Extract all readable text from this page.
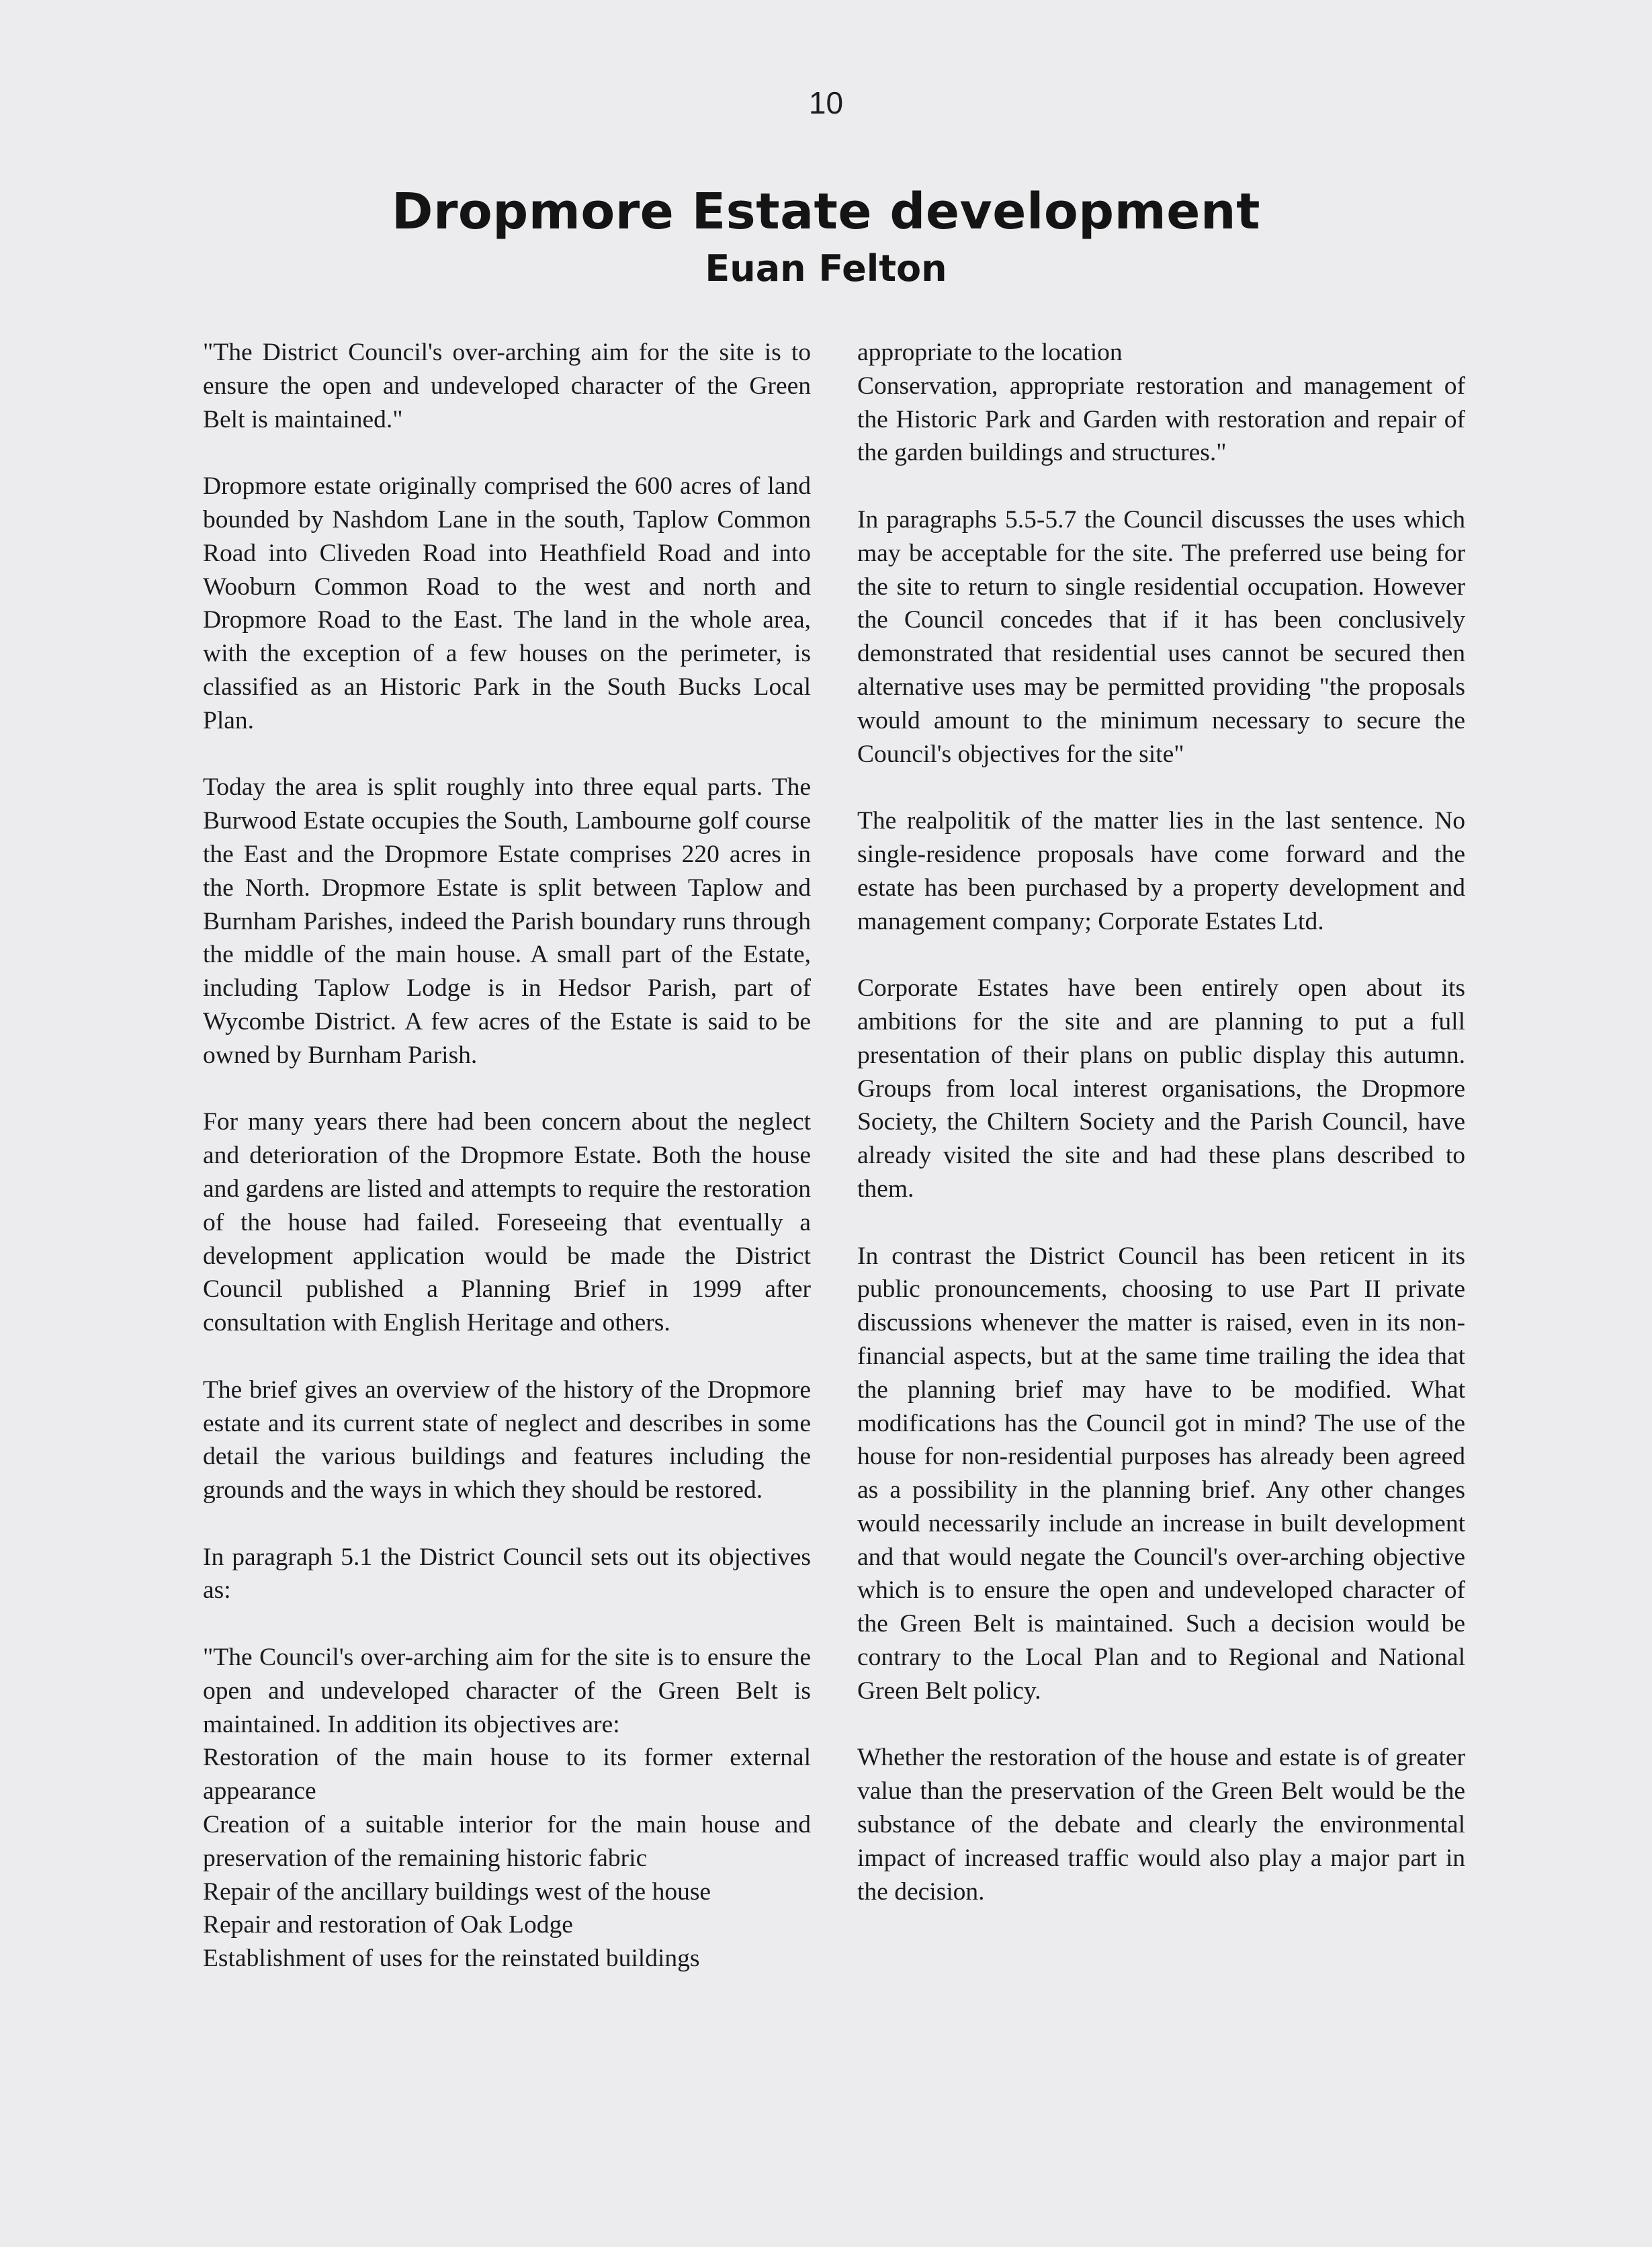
10
Dropmore Estate development
Euan Felton

"The District Council's over-arching aim for the site is to ensure the open and undeveloped character of the Green Belt is maintained."

Dropmore estate originally comprised the 600 acres of land bounded by Nashdom Lane in the south, Taplow Common Road into Cliveden Road into Heathfield Road and into Wooburn Common Road to the west and north and Dropmore Road to the East. The land in the whole area, with the exception of a few houses on the perimeter, is classified as an Historic Park in the South Bucks Local Plan.

Today the area is split roughly into three equal parts. The Burwood Estate occupies the South, Lambourne golf course the East and the Dropmore Estate comprises 220 acres in the North. Dropmore Estate is split between Taplow and Burnham Parishes, indeed the Parish boundary runs through the middle of the main house. A small part of the Estate, including Taplow Lodge is in Hedsor Parish, part of Wycombe District. A few acres of the Estate is said to be owned by Burnham Parish.

For many years there had been concern about the neglect and deterioration of the Dropmore Estate. Both the house and gardens are listed and attempts to require the restoration of the house had failed. Foreseeing that eventually a development application would be made the District Council published a Planning Brief in 1999 after consultation with English Heritage and others.

The brief gives an overview of the history of the Dropmore estate and its current state of neglect and describes in some detail the various buildings and features including the grounds and the ways in which they should be restored.

In paragraph 5.1 the District Council sets out its objectives as:

"The Council's over-arching aim for the site is to ensure the open and undeveloped character of the Green Belt is maintained. In addition its objectives are:

Restoration of the main house to its former external appearance

Creation of a suitable interior for the main house and preservation of the remaining historic fabric

Repair of the ancillary buildings west of the house

Repair and restoration of Oak Lodge

Establishment of uses for the reinstated buildings

appropriate to the location

Conservation, appropriate restoration and management of the Historic Park and Garden with restoration and repair of the garden buildings and structures."

In paragraphs 5.5-5.7 the Council discusses the uses which may be acceptable for the site. The preferred use being for the site to return to single residential occupation. However the Council concedes that if it has been conclusively demonstrated that residential uses cannot be secured then alternative uses may be permitted providing "the proposals would amount to the minimum necessary to secure the Council's objectives for the site"

The realpolitik of the matter lies in the last sentence. No single-residence proposals have come forward and the estate has been purchased by a property development and management company; Corporate Estates Ltd.

Corporate Estates have been entirely open about its ambitions for the site and are planning to put a full presentation of their plans on public display this autumn. Groups from local interest organisations, the Dropmore Society, the Chiltern Society and the Parish Council, have already visited the site and had these plans described to them.

In contrast the District Council has been reticent in its public pronouncements, choosing to use Part II private discussions whenever the matter is raised, even in its non-financial aspects, but at the same time trailing the idea that the planning brief may have to be modified. What modifications has the Council got in mind? The use of the house for non-residential purposes has already been agreed as a possibility in the planning brief. Any other changes would necessarily include an increase in built development and that would negate the Council's over-arching objective which is to ensure the open and undeveloped character of the Green Belt is maintained. Such a decision would be contrary to the Local Plan and to Regional and National Green Belt policy.

Whether the restoration of the house and estate is of greater value than the preservation of the Green Belt would be the substance of the debate and clearly the environmental impact of increased traffic would also play a major part in the decision.
